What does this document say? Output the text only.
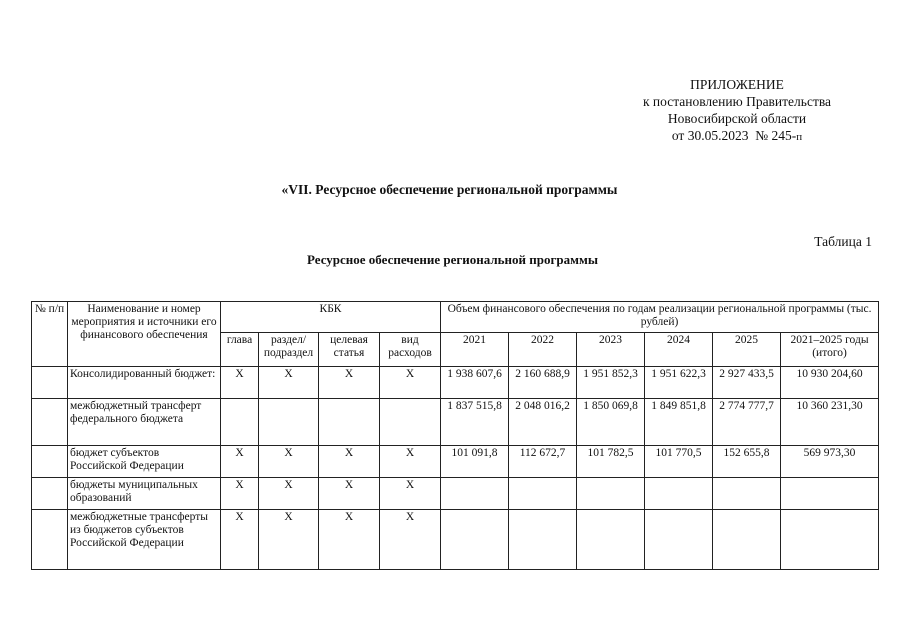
ПРИЛОЖЕНИЕ
к постановлению Правительства
Новосибирской области
от 30.05.2023 № 245-п
«VII. Ресурсное обеспечение региональной программы
Таблица 1
Ресурсное обеспечение региональной программы
№ п/п	Наименование и номер мероприятия и источники его финансового обеспечения	КБК				Объем финансового обеспечения по годам реализации региональной программы (тыс. рублей)					
		глава	раздел/ подраздел	целевая статья	вид расходов	2021	2022	2023	2024	2025	2021–2025 годы (итого)
	Консолидированный бюджет:	X	X	X	X	1 938 607,6	2 160 688,9	1 951 852,3	1 951 622,3	2 927 433,5	10 930 204,60
	межбюджетный трансферт федерального бюджета					1 837 515,8	2 048 016,2	1 850 069,8	1 849 851,8	2 774 777,7	10 360 231,30
	бюджет субъектов Российской Федерации	X	X	X	X	101 091,8	112 672,7	101 782,5	101 770,5	152 655,8	569 973,30
	бюджеты муниципальных образований	X	X	X	X						
	межбюджетные трансферты из бюджетов субъектов Российской Федерации	X	X	X	X						
